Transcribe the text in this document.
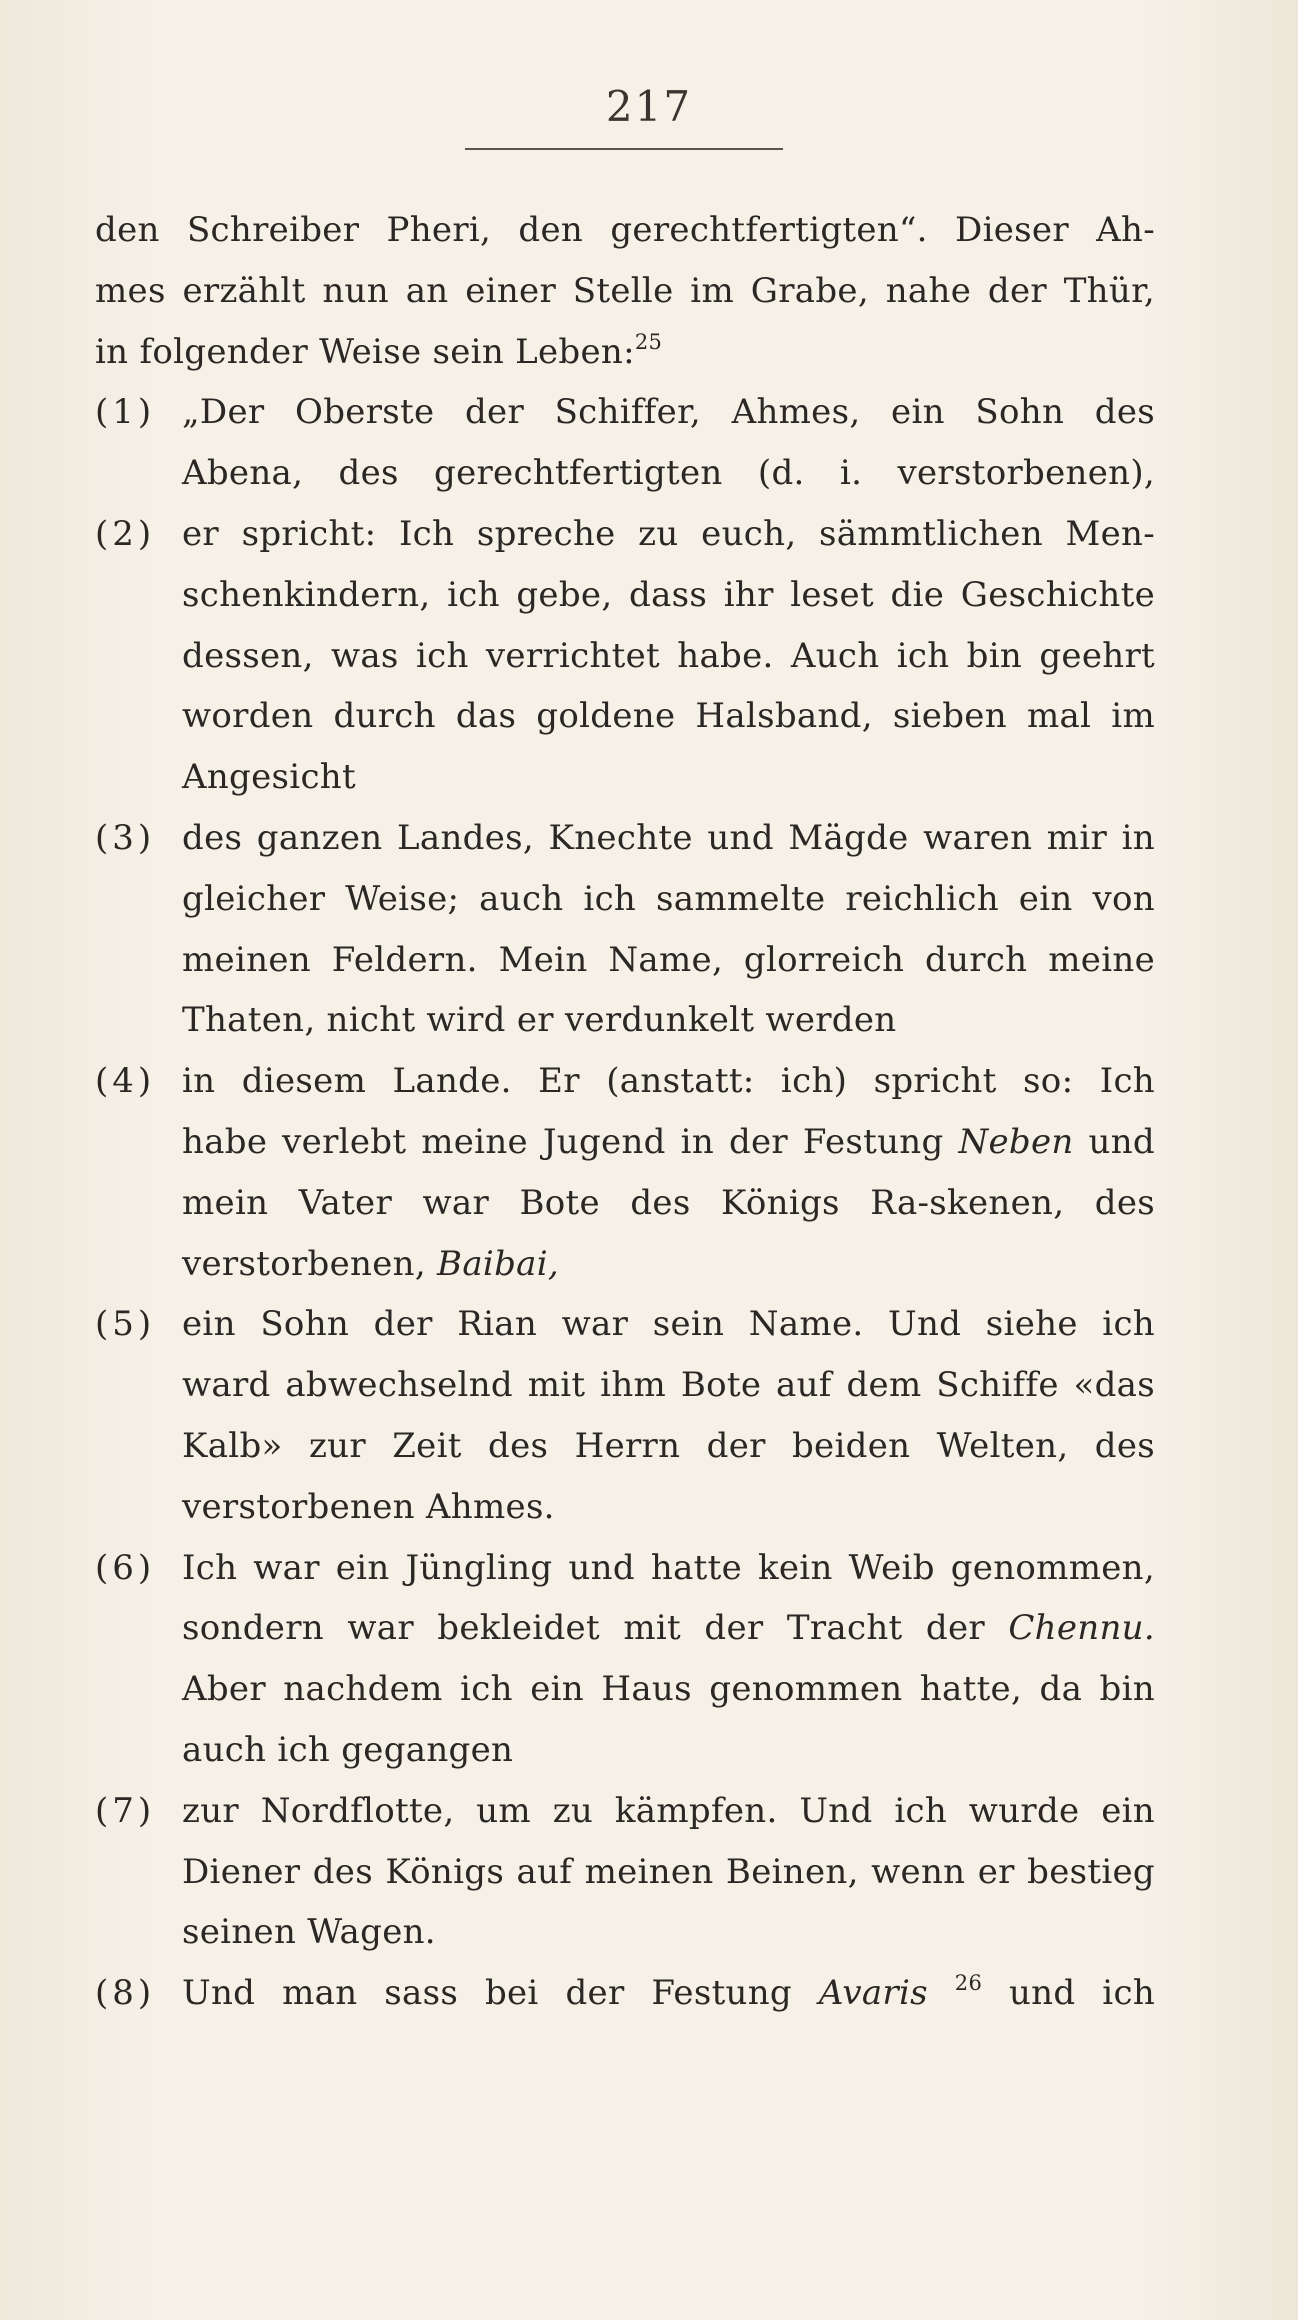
217
den Schreiber Pheri, den gerechtfertigten“. Dieser Ah-
mes erzählt nun an einer Stelle im Grabe, nahe der Thür,
in folgender Weise sein Leben:$^{25}$
(1) „Der Oberste der Schiffer, Ahmes, ein Sohn des
Abena, des gerechtfertigten (d. i. verstorbenen),
(2) er spricht: Ich spreche zu euch, sämmtlichen Men-
schenkindern, ich gebe, dass ihr leset die Geschichte
dessen, was ich verrichtet habe. Auch ich bin geehrt
worden durch das goldene Halsband, sieben mal im
Angesicht
(3) des ganzen Landes, Knechte und Mägde waren mir in
gleicher Weise; auch ich sammelte reichlich ein von
meinen Feldern. Mein Name, glorreich durch meine
Thaten, nicht wird er verdunkelt werden
(4) in diesem Lande. Er (anstatt: ich) spricht so: Ich
habe verlebt meine Jugend in der Festung Neben und
mein Vater war Bote des Königs Ra-skenen, des
verstorbenen, Baibai,
(5) ein Sohn der Rian war sein Name. Und siehe ich
ward abwechselnd mit ihm Bote auf dem Schiffe «das
Kalb» zur Zeit des Herrn der beiden Welten, des
verstorbenen Ahmes.
(6) Ich war ein Jüngling und hatte kein Weib genommen,
sondern war bekleidet mit der Tracht der Chennu.
Aber nachdem ich ein Haus genommen hatte, da bin
auch ich gegangen
(7) zur Nordflotte, um zu kämpfen. Und ich wurde ein
Diener des Königs auf meinen Beinen, wenn er bestieg
seinen Wagen.
(8) Und man sass bei der Festung Avaris $^{26}$ und ich
